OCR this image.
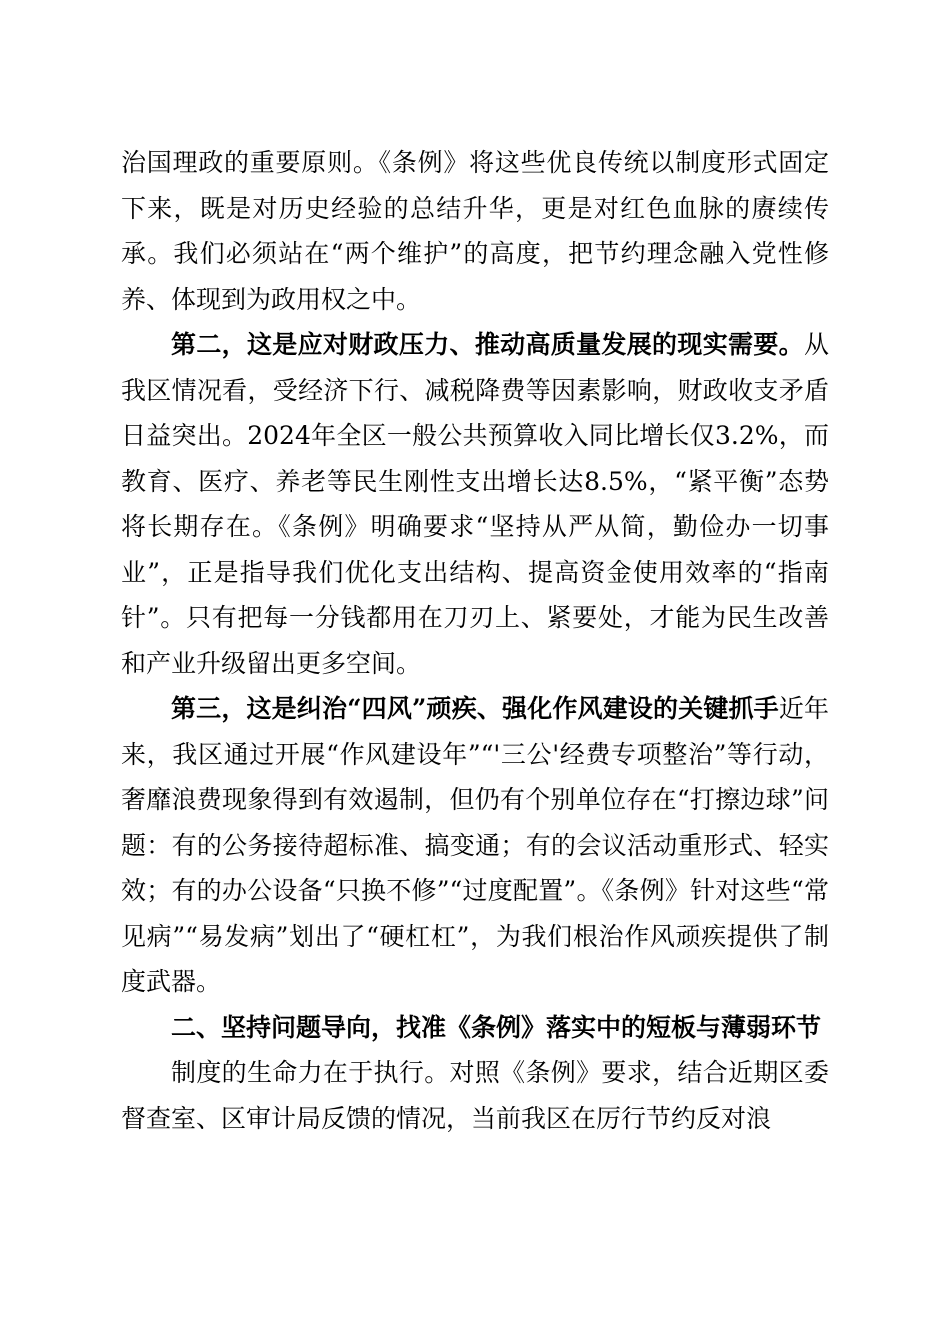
治国理政的重要原则。《条例》将这些优良传统以制度形式固定下来，既是对历史经验的总结升华，更是对红色血脉的赓续传承。我们必须站在“两个维护”的高度，把节约理念融入党性修养、体现到为政用权之中。

第二，这是应对财政压力、推动高质量发展的现实需要。从我区情况看，受经济下行、减税降费等因素影响，财政收支矛盾日益突出。2024年全区一般公共预算收入同比增长仅3.2%，而教育、医疗、养老等民生刚性支出增长达8.5%，“紧平衡”态势将长期存在。《条例》明确要求“坚持从严从简，勤俭办一切事业”，正是指导我们优化支出结构、提高资金使用效率的“指南针”。只有把每一分钱都用在刀刃上、紧要处，才能为民生改善和产业升级留出更多空间。

第三，这是纠治“四风”顽疾、强化作风建设的关键抓手近年来，我区通过开展“作风建设年”“'三公'经费专项整治”等行动，奢靡浪费现象得到有效遏制，但仍有个别单位存在“打擦边球”问题：有的公务接待超标准、搞变通；有的会议活动重形式、轻实效；有的办公设备“只换不修”“过度配置”。《条例》针对这些“常见病”“易发病”划出了“硬杠杠”，为我们根治作风顽疾提供了制度武器。

二、坚持问题导向，找准《条例》落实中的短板与薄弱环节

制度的生命力在于执行。对照《条例》要求，结合近期区委督查室、区审计局反馈的情况，当前我区在厉行节约反对浪
